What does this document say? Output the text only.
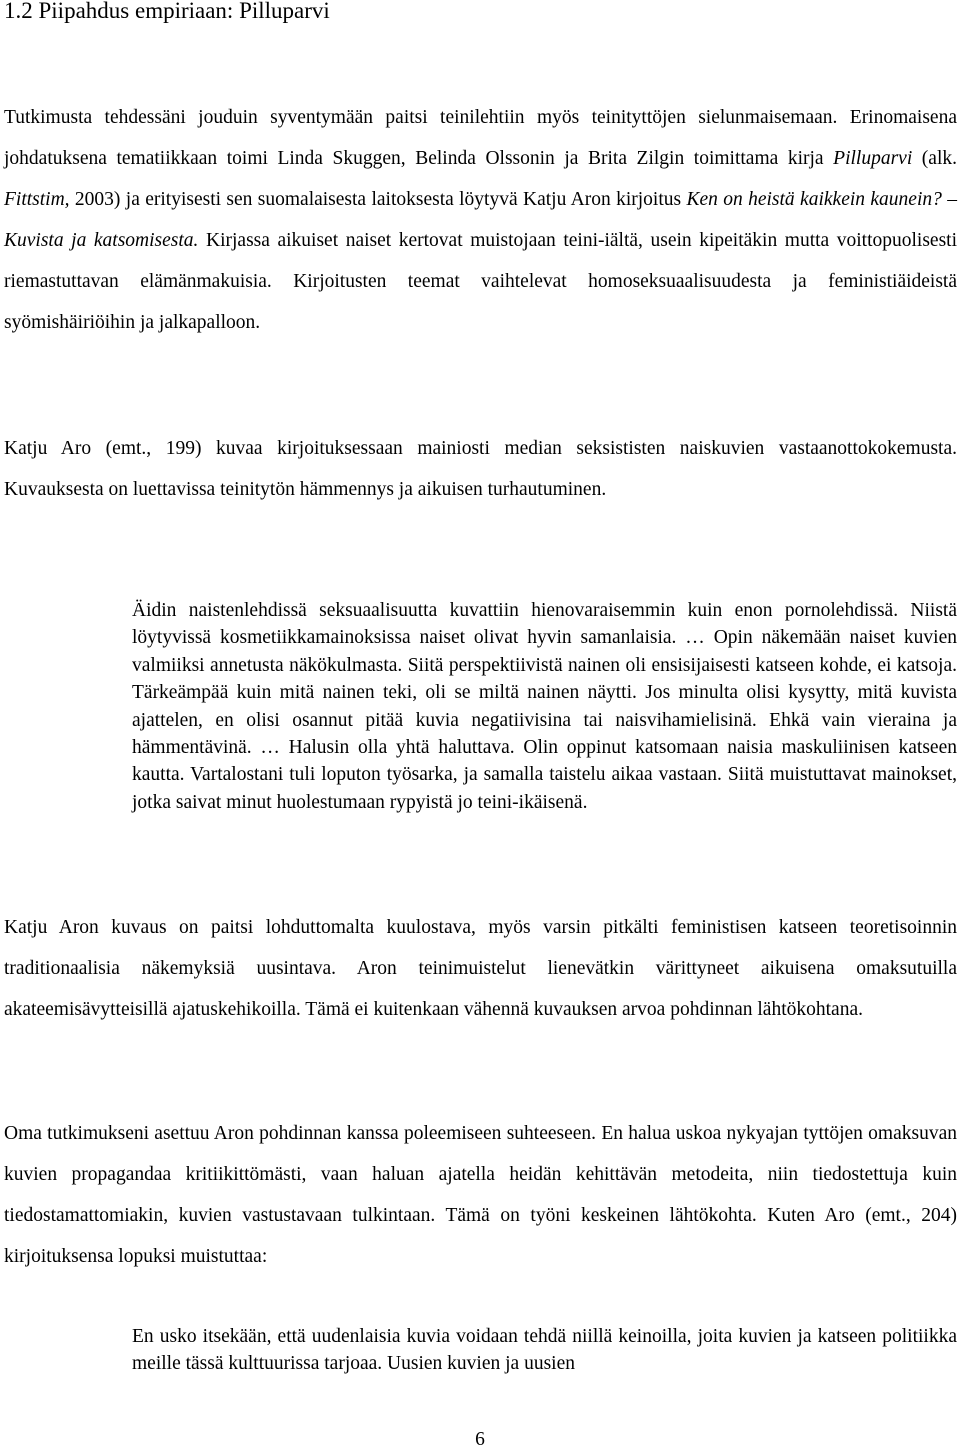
1.2 Piipahdus empiriaan: Pilluparvi

Tutkimusta tehdessäni jouduin syventymään paitsi teinilehtiin myös teinityttöjen sielunmaisemaan. Erinomaisena johdatuksena tematiikkaan toimi Linda Skuggen, Belinda Olssonin ja Brita Zilgin toimittama kirja Pilluparvi (alk. Fittstim, 2003) ja erityisesti sen suomalaisesta laitoksesta löytyvä Katju Aron kirjoitus Ken on heistä kaikkein kaunein? – Kuvista ja katsomisesta. Kirjassa aikuiset naiset kertovat muistojaan teini-iältä, usein kipeitäkin mutta voittopuolisesti riemastuttavan elämänmakuisia. Kirjoitusten teemat vaihtelevat homoseksuaalisuudesta ja feministiäideistä syömishäiriöihin ja jalkapalloon.

Katju Aro (emt., 199) kuvaa kirjoituksessaan mainiosti median seksististen naiskuvien vastaanottokokemusta. Kuvauksesta on luettavissa teinitytön hämmennys ja aikuisen turhautuminen.

Äidin naistenlehdissä seksuaalisuutta kuvattiin hienovaraisemmin kuin enon pornolehdissä. Niistä löytyvissä kosmetiikkamainoksissa naiset olivat hyvin samanlaisia. … Opin näkemään naiset kuvien valmiiksi annetusta näkökulmasta. Siitä perspektiivistä nainen oli ensisijaisesti katseen kohde, ei katsoja. Tärkeämpää kuin mitä nainen teki, oli se miltä nainen näytti. Jos minulta olisi kysytty, mitä kuvista ajattelen, en olisi osannut pitää kuvia negatiivisina tai naisvihamielisinä. Ehkä vain vieraina ja hämmentävinä. … Halusin olla yhtä haluttava. Olin oppinut katsomaan naisia maskuliinisen katseen kautta. Vartalostani tuli loputon työsarka, ja samalla taistelu aikaa vastaan. Siitä muistuttavat mainokset, jotka saivat minut huolestumaan rypyistä jo teini-ikäisenä.

Katju Aron kuvaus on paitsi lohduttomalta kuulostava, myös varsin pitkälti feministisen katseen teoretisoinnin traditionaalisia näkemyksiä uusintava. Aron teinimuistelut lienevätkin värittyneet aikuisena omaksutuilla akateemisävytteisillä ajatuskehikoilla. Tämä ei kuitenkaan vähennä kuvauksen arvoa pohdinnan lähtökohtana.

Oma tutkimukseni asettuu Aron pohdinnan kanssa poleemiseen suhteeseen. En halua uskoa nykyajan tyttöjen omaksuvan kuvien propagandaa kritiikittömästi, vaan haluan ajatella heidän kehittävän metodeita, niin tiedostettuja kuin tiedostamattomiakin, kuvien vastustavaan tulkintaan. Tämä on työni keskeinen lähtökohta. Kuten Aro (emt., 204) kirjoituksensa lopuksi muistuttaa:

En usko itsekään, että uudenlaisia kuvia voidaan tehdä niillä keinoilla, joita kuvien ja katseen politiikka meille tässä kulttuurissa tarjoaa. Uusien kuvien ja uusien

6
